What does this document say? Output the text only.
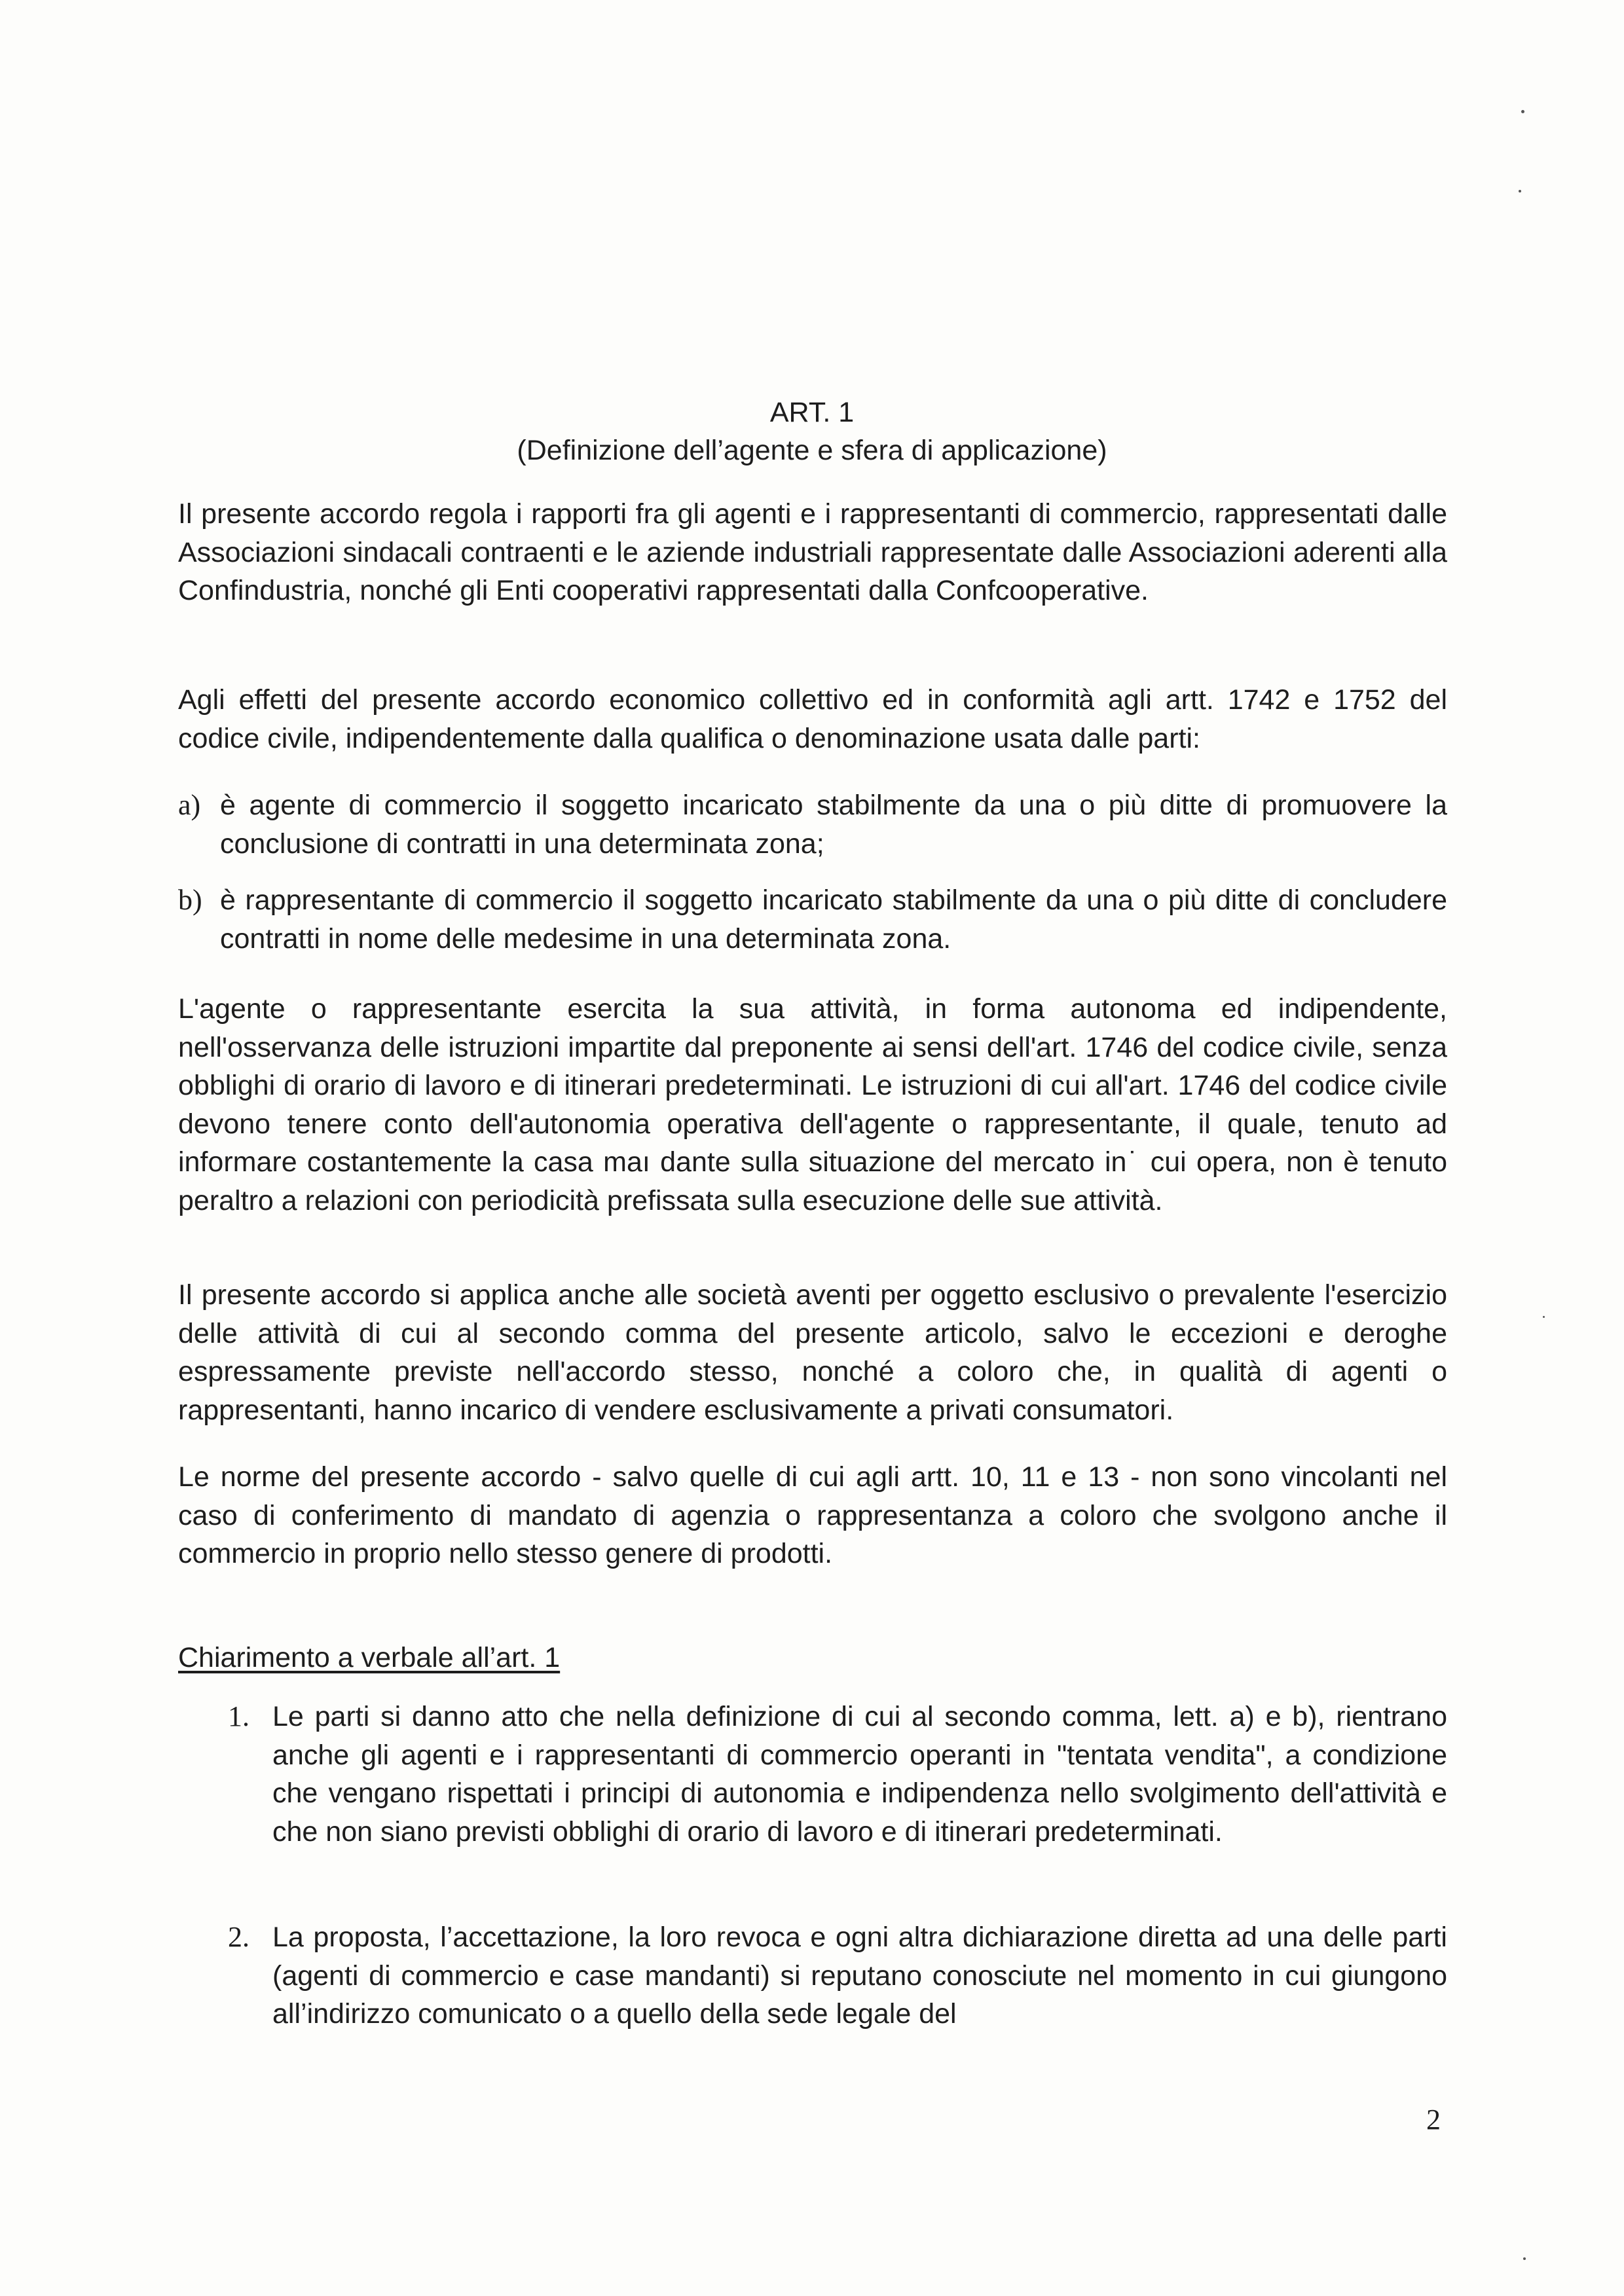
ART. 1
(Definizione dell’agente e sfera di applicazione)

Il presente accordo regola i rapporti fra gli agenti e i rappresentanti di commercio, rappresentati dalle Associazioni sindacali contraenti e le aziende industriali rappresentate dalle Associazioni aderenti alla Confindustria, nonché gli Enti cooperativi rappresentati dalla Confcooperative.

Agli effetti del presente accordo economico collettivo ed in conformità agli artt. 1742 e 1752 del codice civile, indipendentemente dalla qualifica o denominazione usata dalle parti:

a) è agente di commercio il soggetto incaricato stabilmente da una o più ditte di promuovere la conclusione di contratti in una determinata zona;
b) è rappresentante di commercio il soggetto incaricato stabilmente da una o più ditte di concludere contratti in nome delle medesime in una determinata zona.

L'agente o rappresentante esercita la sua attività, in forma autonoma ed indipendente, nell'osservanza delle istruzioni impartite dal preponente ai sensi dell'art. 1746 del codice civile, senza obblighi di orario di lavoro e di itinerari predeterminati. Le istruzioni di cui all'art. 1746 del codice civile devono tenere conto dell'autonomia operativa dell'agente o rappresentante, il quale, tenuto ad informare costantemente la casa maı dante sulla situazione del mercato in˙ cui opera, non è tenuto peraltro a relazioni con periodicità prefissata sulla esecuzione delle sue attività.

Il presente accordo si applica anche alle società aventi per oggetto esclusivo o prevalente l'esercizio delle attività di cui al secondo comma del presente articolo, salvo le eccezioni e deroghe espressamente previste nell'accordo stesso, nonché a coloro che, in qualità di agenti o rappresentanti, hanno incarico di vendere esclusivamente a privati consumatori.

Le norme del presente accordo - salvo quelle di cui agli artt. 10, 11 e 13 - non sono vincolanti nel caso di conferimento di mandato di agenzia o rappresentanza a coloro che svolgono anche il commercio in proprio nello stesso genere di prodotti.

Chiarimento a verbale all’art. 1
1. Le parti si danno atto che nella definizione di cui al secondo comma, lett. a) e b), rientrano anche gli agenti e i rappresentanti di commercio operanti in "tentata vendita", a condizione che vengano rispettati i principi di autonomia e indipendenza nello svolgimento dell'attività e che non siano previsti obblighi di orario di lavoro e di itinerari predeterminati.
2. La proposta, l’accettazione, la loro revoca e ogni altra dichiarazione diretta ad una delle parti (agenti di commercio e case mandanti) si reputano conosciute nel momento in cui giungono all’indirizzo comunicato o a quello della sede legale del
2
